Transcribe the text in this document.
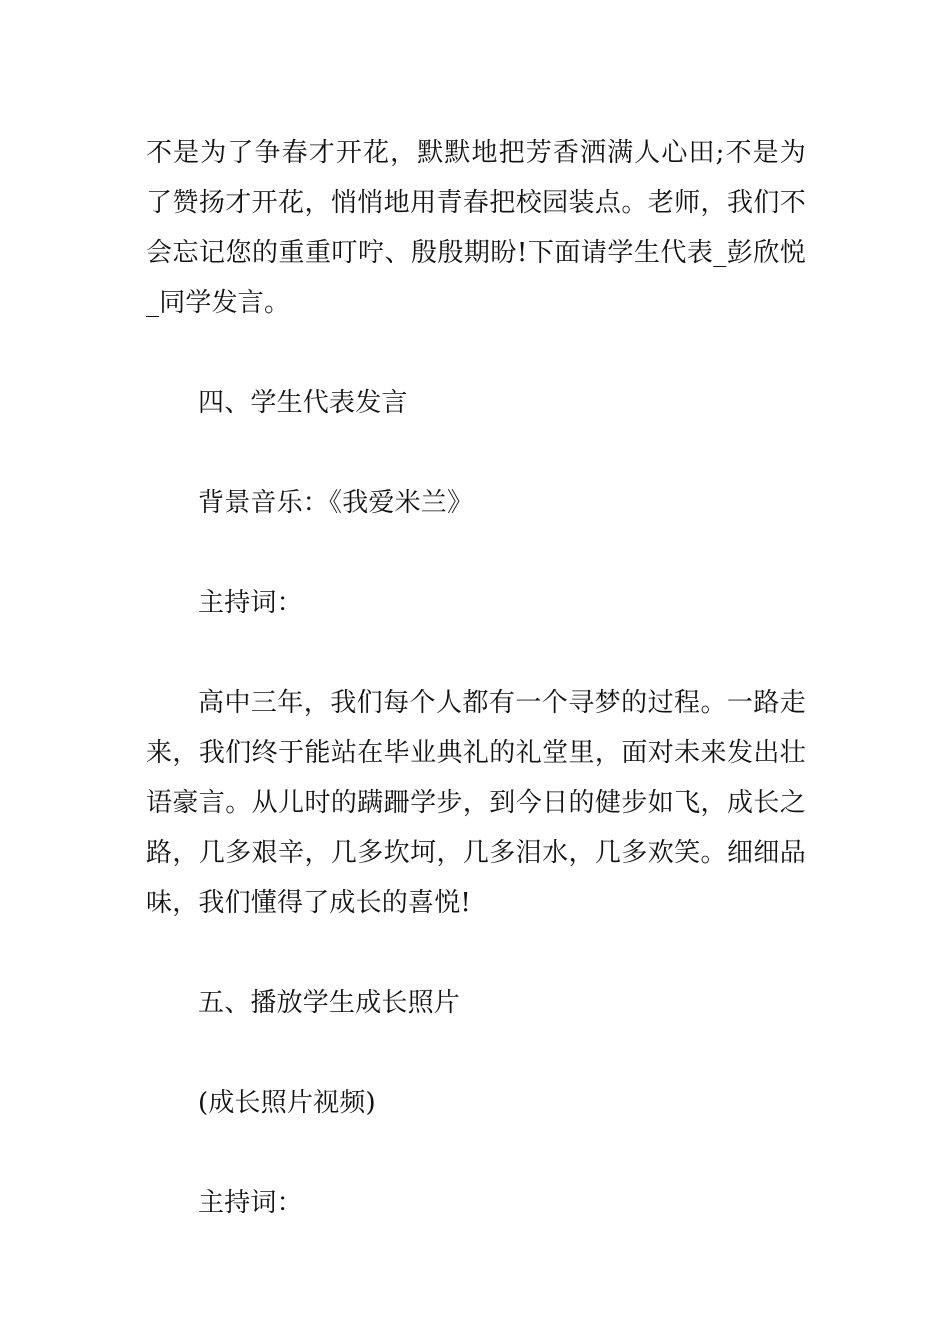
不是为了争春才开花，默默地把芳香洒满人心田;不是为了赞扬才开花，悄悄地用青春把校园装点。老师，我们不会忘记您的重重叮咛、殷殷期盼!下面请学生代表_彭欣悦_同学发言。

四、学生代表发言

背景音乐：《我爱米兰》

主持词：

高中三年，我们每个人都有一个寻梦的过程。一路走来，我们终于能站在毕业典礼的礼堂里，面对未来发出壮语豪言。从儿时的蹒跚学步，到今日的健步如飞，成长之路，几多艰辛，几多坎坷，几多泪水，几多欢笑。细细品味，我们懂得了成长的喜悦!

五、播放学生成长照片

(成长照片视频)

主持词：
